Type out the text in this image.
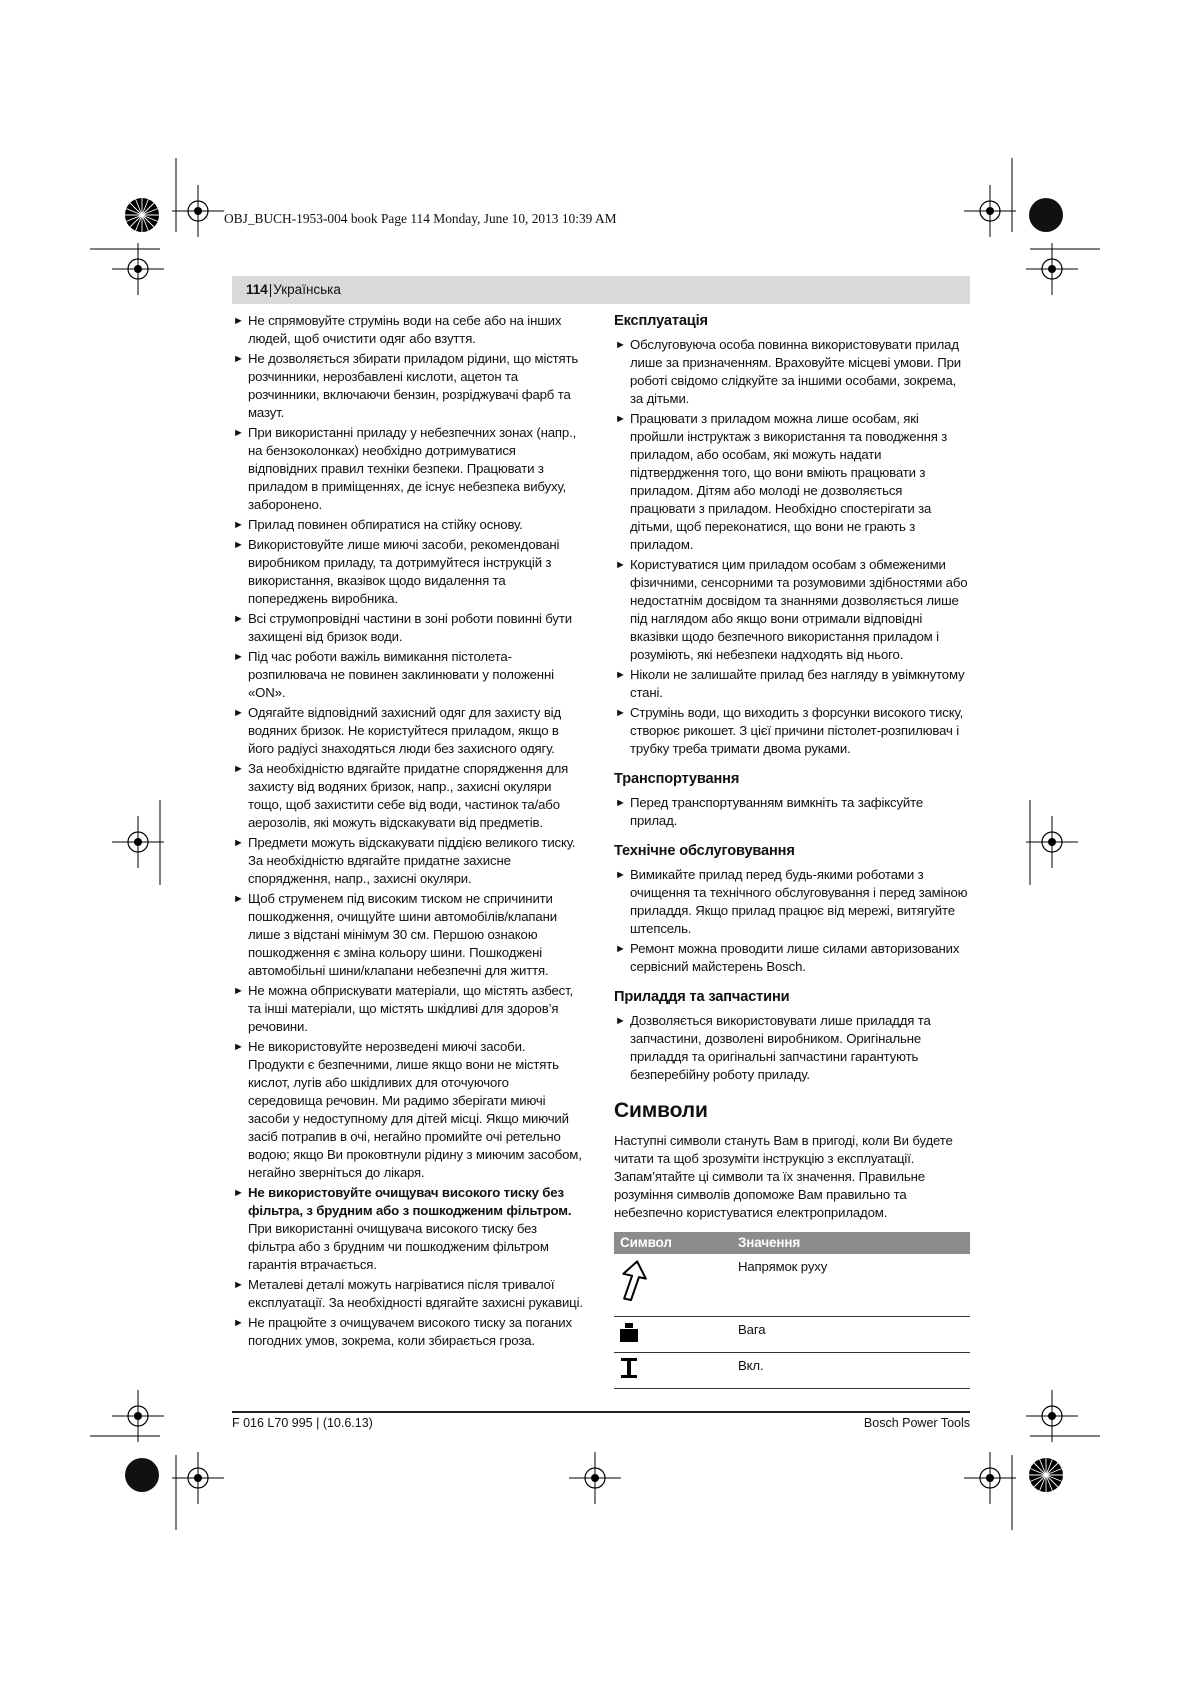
OBJ_BUCH-1953-004 book Page 114 Monday, June 10, 2013 10:39 AM
114|Українська
► Не спрямовуйте струмінь води на себе або на інших людей, щоб очистити одяг або взуття.
► Не дозволяється збирати приладом рідини, що містять розчинники, нерозбавлені кислоти, ацетон та розчинники, включаючи бензин, розріджувачі фарб та мазут.
► При використанні приладу у небезпечних зонах (напр., на бензоколонках) необхідно дотримуватися відповідних правил техніки безпеки. Працювати з приладом в приміщеннях, де існує небезпека вибуху, заборонено.
► Прилад повинен обпиратися на стійку основу.
► Використовуйте лише миючі засоби, рекомендовані виробником приладу, та дотримуйтеся інструкцій з використання, вказівок щодо видалення та попереджень виробника.
► Всі струмопровідні частини в зоні роботи повинні бути захищені від бризок води.
► Під час роботи важіль вимикання пістолета-розпилювача не повинен заклинювати у положенні «ON».
► Одягайте відповідний захисний одяг для захисту від водяних бризок. Не користуйтеся приладом, якщо в його радіусі знаходяться люди без захисного одягу.
► За необхідністю вдягайте придатне спорядження для захисту від водяних бризок, напр., захисні окуляри тощо, щоб захистити себе від води, частинок та/або аерозолів, які можуть відскакувати від предметів.
► Предмети можуть відскакувати піддією великого тиску. За необхідністю вдягайте придатне захисне спорядження, напр., захисні окуляри.
► Щоб струменем під високим тиском не спричинити пошкодження, очищуйте шини автомобілів/клапани лише з відстані мінімум 30 см. Першою ознакою пошкодження є зміна кольору шини. Пошкоджені автомобільні шини/клапани небезпечні для життя.
► Не можна обприскувати матеріали, що містять азбест, та інші матеріали, що містять шкідливі для здоров’я речовини.
► Не використовуйте нерозведені миючі засоби. Продукти є безпечними, лише якщо вони не містять кислот, лугів або шкідливих для оточуючого середовища речовин. Ми радимо зберігати миючі засоби у недоступному для дітей місці. Якщо миючий засіб потрапив в очі, негайно промийте очі ретельно водою; якщо Ви проковтнули рідину з миючим засобом, негайно зверніться до лікаря.
► Не використовуйте очищувач високого тиску без фільтра, з брудним або з пошкодженим фільтром. При використанні очищувача високого тиску без фільтра або з брудним чи пошкодженим фільтром гарантія втрачається.
► Металеві деталі можуть нагріватися після тривалої експлуатації. За необхідності вдягайте захисні рукавиці.
► Не працюйте з очищувачем високого тиску за поганих погодних умов, зокрема, коли збирається гроза.
Експлуатація
► Обслуговуюча особа повинна використовувати прилад лише за призначенням. Враховуйте місцеві умови. При роботі свідомо слідкуйте за іншими особами, зокрема, за дітьми.
► Працювати з приладом можна лише особам, які пройшли інструктаж з використання та поводження з приладом, або особам, які можуть надати підтвердження того, що вони вміють працювати з приладом. Дітям або молоді не дозволяється працювати з приладом. Необхідно спостерігати за дітьми, щоб переконатися, що вони не грають з приладом.
► Користуватися цим приладом особам з обмеженими фізичними, сенсорними та розумовими здібностями або недостатнім досвідом та знаннями дозволяється лише під наглядом або якщо вони отримали відповідні вказівки щодо безпечного використання приладом і розуміють, які небезпеки надходять від нього.
► Ніколи не залишайте прилад без нагляду в увімкнутому стані.
► Струмінь води, що виходить з форсунки високого тиску, створює рикошет. З цієї причини пістолет-розпилювач і трубку треба тримати двома руками.
Транспортування
► Перед транспортуванням вимкніть та зафіксуйте прилад.
Технічне обслуговування
► Вимикайте прилад перед будь-якими роботами з очищення та технічного обслуговування і перед заміною приладдя. Якщо прилад працює від мережі, витягуйте штепсель.
► Ремонт можна проводити лише силами авторизованих сервісний майстерень Bosch.
Приладдя та запчастини
► Дозволяється використовувати лише приладдя та запчастини, дозволені виробником. Оригінальне приладдя та оригінальні запчастини гарантують безперебійну роботу приладу.
Символи

Наступні символи стануть Вам в пригоді, коли Ви будете читати та щоб зрозуміти інструкцію з експлуатації. Запам’ятайте ці символи та їх значення. Правильне розуміння символів допоможе Вам правильно та небезпечно користуватися електроприладом.

Символ	Значення
	Напрямок руху
	Вага
	Вкл.
F 016 L70 995 | (10.6.13)	Bosch Power Tools
